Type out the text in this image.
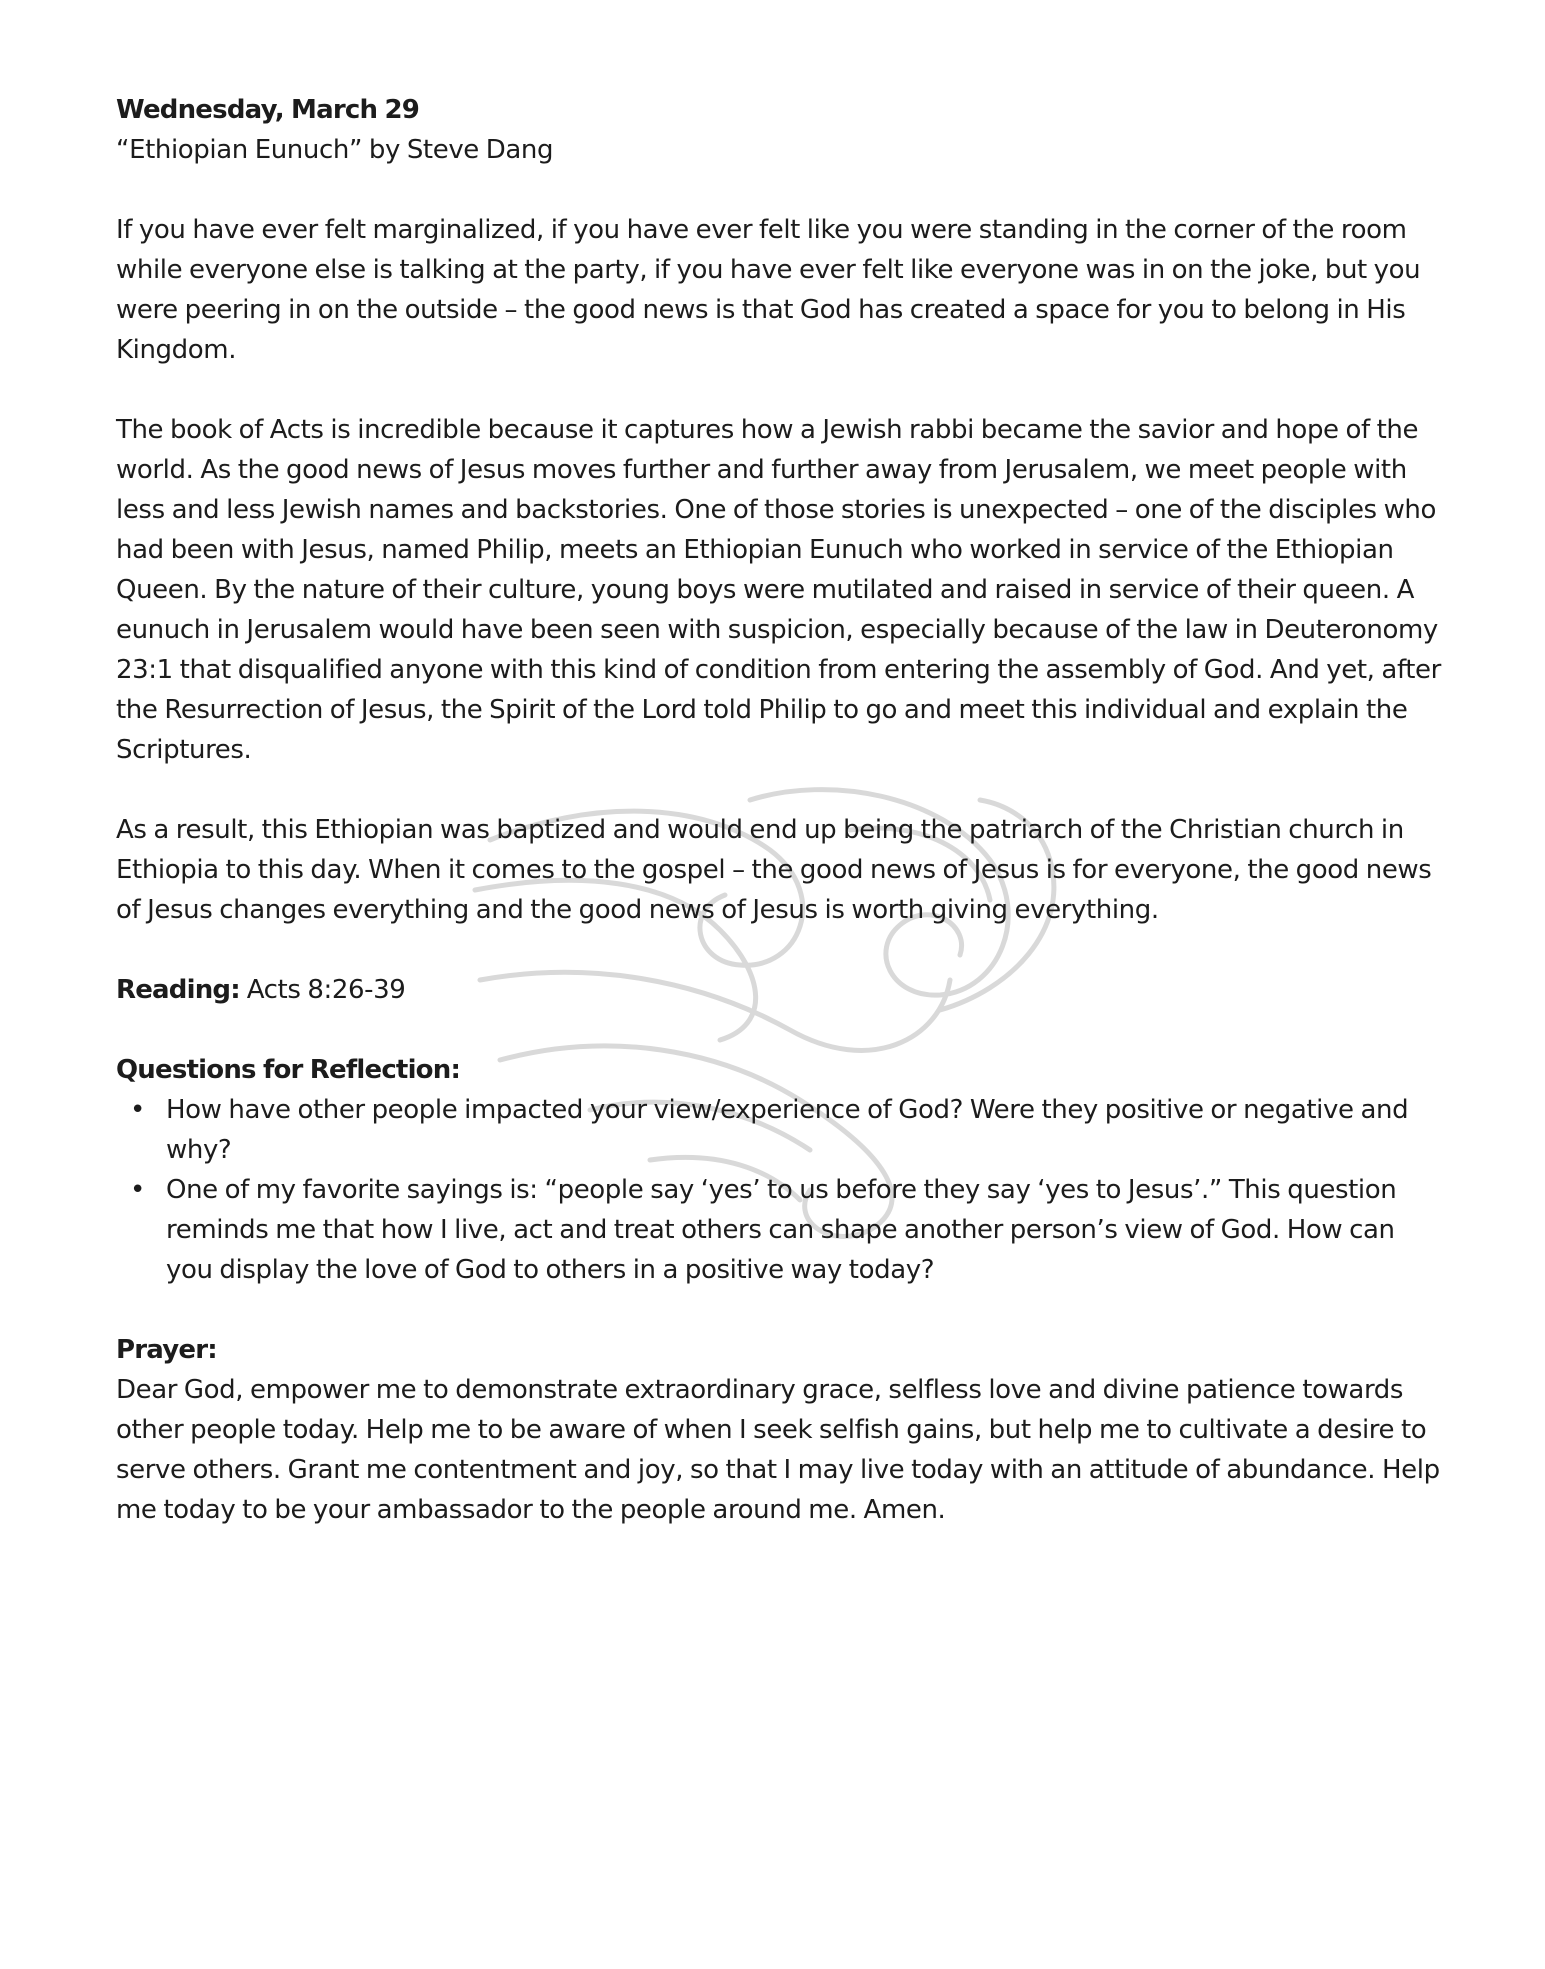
Wednesday, March 29
“Ethiopian Eunuch” by Steve Dang

If you have ever felt marginalized, if you have ever felt like you were standing in the corner of the room while everyone else is talking at the party, if you have ever felt like everyone was in on the joke, but you were peering in on the outside – the good news is that God has created a space for you to belong in His Kingdom.

The book of Acts is incredible because it captures how a Jewish rabbi became the savior and hope of the world. As the good news of Jesus moves further and further away from Jerusalem, we meet people with less and less Jewish names and backstories. One of those stories is unexpected – one of the disciples who had been with Jesus, named Philip, meets an Ethiopian Eunuch who worked in service of the Ethiopian Queen. By the nature of their culture, young boys were mutilated and raised in service of their queen. A eunuch in Jerusalem would have been seen with suspicion, especially because of the law in Deuteronomy 23:1 that disqualified anyone with this kind of condition from entering the assembly of God. And yet, after the Resurrection of Jesus, the Spirit of the Lord told Philip to go and meet this individual and explain the Scriptures.

As a result, this Ethiopian was baptized and would end up being the patriarch of the Christian church in Ethiopia to this day. When it comes to the gospel – the good news of Jesus is for everyone, the good news of Jesus changes everything and the good news of Jesus is worth giving everything.

Reading: Acts 8:26-39
Questions for Reflection:
• How have other people impacted your view/experience of God? Were they positive or negative and why?
• One of my favorite sayings is: “people say ‘yes’ to us before they say ‘yes to Jesus’.” This question reminds me that how I live, act and treat others can shape another person’s view of God. How can you display the love of God to others in a positive way today?
Prayer:

Dear God, empower me to demonstrate extraordinary grace, selfless love and divine patience towards other people today. Help me to be aware of when I seek selfish gains, but help me to cultivate a desire to serve others. Grant me contentment and joy, so that I may live today with an attitude of abundance. Help me today to be your ambassador to the people around me. Amen.
